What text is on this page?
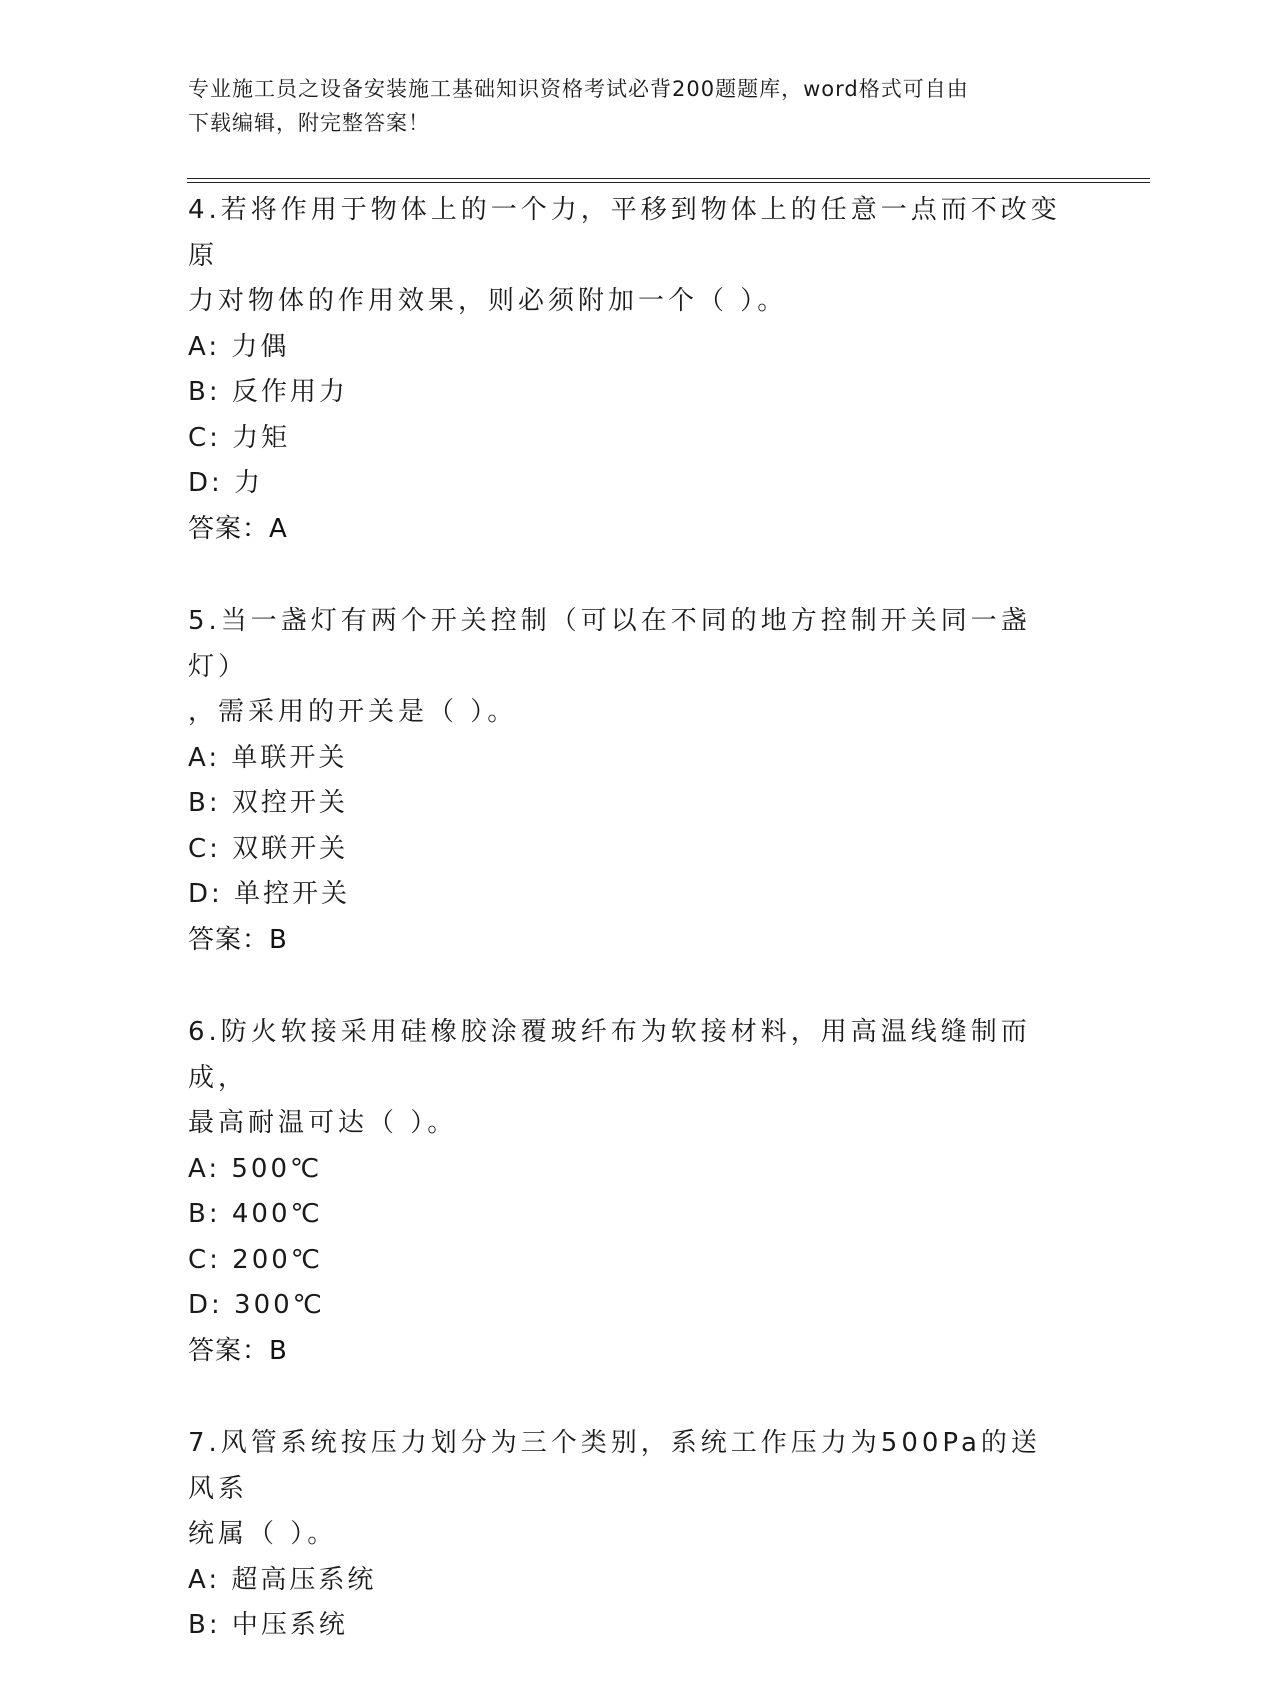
专业施工员之设备安装施工基础知识资格考试必背200题题库，word格式可自由
下载编辑，附完整答案！

4.若将作用于物体上的一个力，平移到物体上的任意一点而不改变原

力对物体的作用效果，则必须附加一个（ ）。

A: 力偶

B: 反作用力

C: 力矩

D: 力

答案：A

5.当一盏灯有两个开关控制（可以在不同的地方控制开关同一盏灯）

，需采用的开关是（ ）。

A: 单联开关

B: 双控开关

C: 双联开关

D: 单控开关

答案：B

6.防火软接采用硅橡胶涂覆玻纤布为软接材料，用高温线缝制而成，

最高耐温可达（ ）。

A: 500℃

B: 400℃

C: 200℃

D: 300℃

答案：B

7.风管系统按压力划分为三个类别，系统工作压力为500Pa的送风系

统属（ ）。

A: 超高压系统

B: 中压系统
